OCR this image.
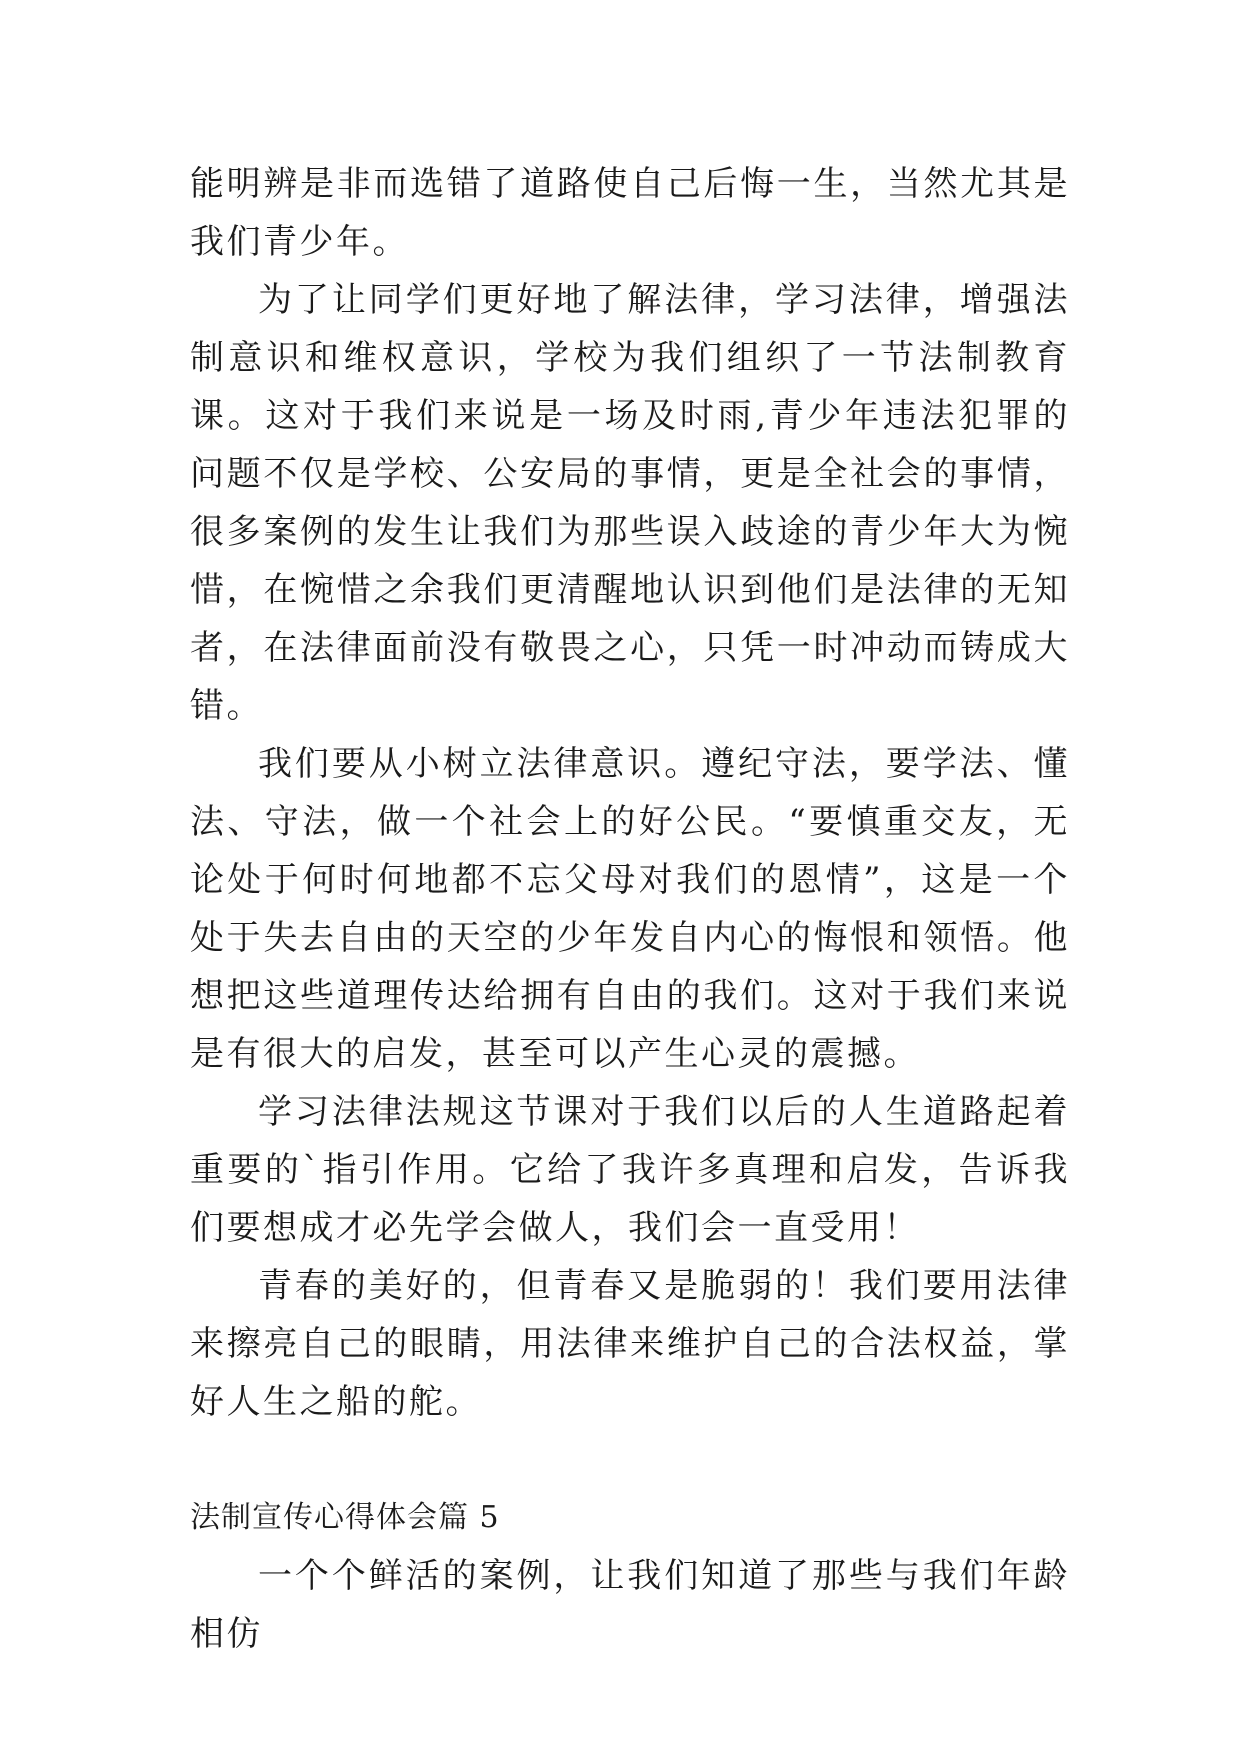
能明辨是非而选错了道路使自己后悔一生，当然尤其是我们青少年。

为了让同学们更好地了解法律，学习法律，增强法制意识和维权意识，学校为我们组织了一节法制教育课。这对于我们来说是一场及时雨,青少年违法犯罪的问题不仅是学校、公安局的事情，更是全社会的事情，很多案例的发生让我们为那些误入歧途的青少年大为惋惜，在惋惜之余我们更清醒地认识到他们是法律的无知者，在法律面前没有敬畏之心，只凭一时冲动而铸成大错。

我们要从小树立法律意识。遵纪守法，要学法、懂法、守法，做一个社会上的好公民。“要慎重交友，无论处于何时何地都不忘父母对我们的恩情”，这是一个处于失去自由的天空的少年发自内心的悔恨和领悟。他想把这些道理传达给拥有自由的我们。这对于我们来说是有很大的启发，甚至可以产生心灵的震撼。

学习法律法规这节课对于我们以后的人生道路起着重要的`指引作用。它给了我许多真理和启发，告诉我们要想成才必先学会做人，我们会一直受用！

青春的美好的，但青春又是脆弱的！我们要用法律来擦亮自己的眼睛，用法律来维护自己的合法权益，掌好人生之船的舵。

法制宣传心得体会篇 5

一个个鲜活的案例，让我们知道了那些与我们年龄相仿
